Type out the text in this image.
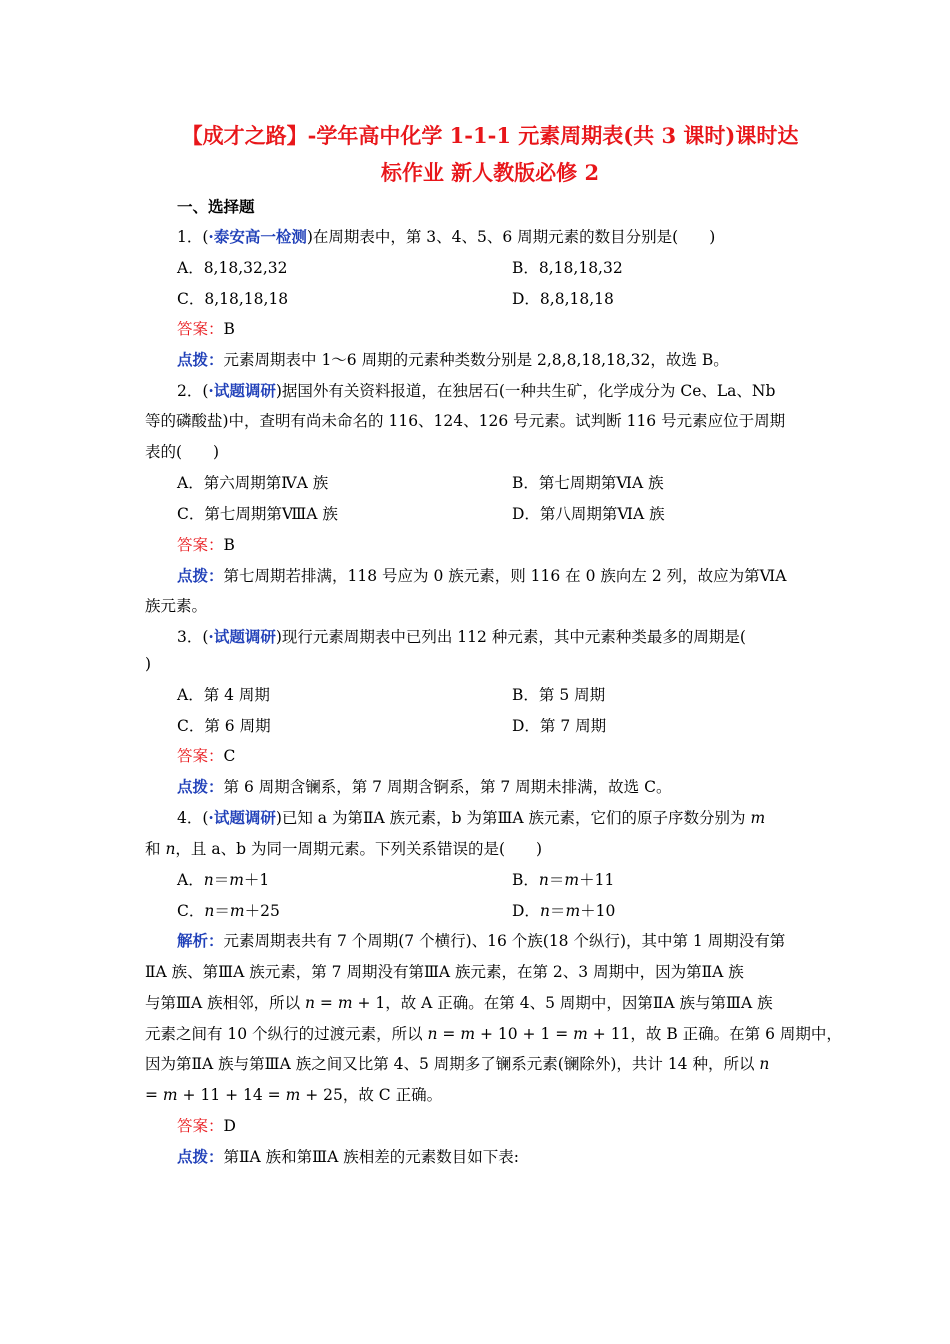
【成才之路】-学年高中化学 1-1-1 元素周期表(共 3 课时)课时达
标作业 新人教版必修 2
一、选择题
1．(·泰安高一检测)在周期表中，第 3、4、5、6 周期元素的数目分别是(　　)
A．8,18,32,32	B．8,18,18,32
C．8,18,18,18	D．8,8,18,18
答案：B
点拨：元素周期表中 1～6 周期的元素种类数分别是 2,8,8,18,18,32，故选 B。
2．(·试题调研)据国外有关资料报道，在独居石(一种共生矿，化学成分为 Ce、La、Nb
等的磷酸盐)中，查明有尚未命名的 116、124、126 号元素。试判断 116 号元素应位于周期
表的(　　)
A．第六周期第ⅣA 族	B．第七周期第ⅥA 族
C．第七周期第ⅧA 族	D．第八周期第ⅥA 族
答案：B
点拨：第七周期若排满，118 号应为 0 族元素，则 116 在 0 族向左 2 列，故应为第ⅥA
族元素。
3．(·试题调研)现行元素周期表中已列出 112 种元素，其中元素种类最多的周期是(
)
A．第 4 周期	B．第 5 周期
C．第 6 周期	D．第 7 周期
答案：C
点拨：第 6 周期含镧系，第 7 周期含锕系，第 7 周期未排满，故选 C。
4．(·试题调研)已知 a 为第ⅡA 族元素，b 为第ⅢA 族元素，它们的原子序数分别为 m
和 n，且 a、b 为同一周期元素。下列关系错误的是(　　)
A．n＝m＋1	B．n＝m＋11
C．n＝m＋25	D．n＝m＋10
解析：元素周期表共有 7 个周期(7 个横行)、16 个族(18 个纵行)，其中第 1 周期没有第
ⅡA 族、第ⅢA 族元素，第 7 周期没有第ⅢA 族元素，在第 2、3 周期中，因为第ⅡA 族
与第ⅢA 族相邻，所以 n = m + 1，故 A 正确。在第 4、5 周期中，因第ⅡA 族与第ⅢA 族
元素之间有 10 个纵行的过渡元素，所以 n = m + 10 + 1 = m + 11，故 B 正确。在第 6 周期中，
因为第ⅡA 族与第ⅢA 族之间又比第 4、5 周期多了镧系元素(镧除外)，共计 14 种，所以 n
= m + 11 + 14 = m + 25，故 C 正确。
答案：D
点拨：第ⅡA 族和第ⅢA 族相差的元素数目如下表:
